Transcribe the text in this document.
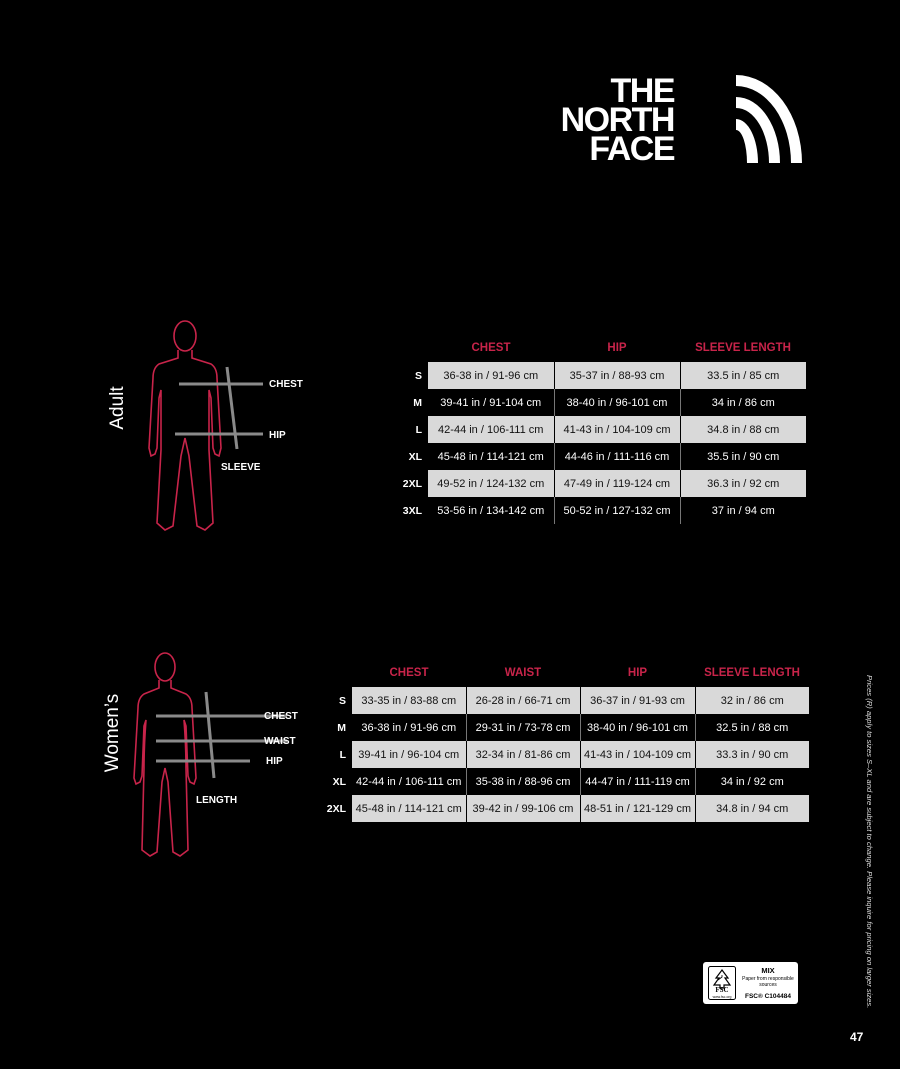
THE
NORTH
FACE
Adult
CHEST
HIP
SLEEVE
	CHEST	HIP	SLEEVE LENGTH
S	36-38 in / 91-96 cm	35-37 in / 88-93 cm	33.5 in / 85 cm
M	39-41 in / 91-104 cm	38-40 in / 96-101 cm	34 in / 86 cm
L	42-44 in / 106-111 cm	41-43 in / 104-109 cm	34.8 in / 88 cm
XL	45-48 in / 114-121 cm	44-46 in / 111-116 cm	35.5 in / 90 cm
2XL	49-52 in / 124-132 cm	47-49 in / 119-124 cm	36.3 in / 92 cm
3XL	53-56 in / 134-142 cm	50-52 in / 127-132 cm	37 in / 94 cm
Women’s	CHEST
WAIST
HIP
LENGTH
	CHEST	WAIST	HIP	SLEEVE LENGTH
S	33-35 in / 83-88 cm	26-28 in / 66-71 cm	36-37 in / 91-93 cm	32 in / 86 cm
M	36-38 in / 91-96 cm	29-31 in / 73-78 cm	38-40 in / 96-101 cm	32.5 in / 88 cm
L	39-41 in / 96-104 cm	32-34 in / 81-86 cm	41-43 in / 104-109 cm	33.3 in / 90 cm
XL	42-44 in / 106-111 cm	35-38 in / 88-96 cm	44-47 in / 111-119 cm	34 in / 92 cm
2XL	45-48 in / 114-121 cm	39-42 in / 99-106 cm	48-51 in / 121-129 cm	34.8 in / 94 cm	Prices (R) apply to sizes S–XL and are subject to change. Please inquire for pricing on larger sizes.
FSC
www.fsc.org
MIX
Paper from responsible sources
FSC® C104484
47
